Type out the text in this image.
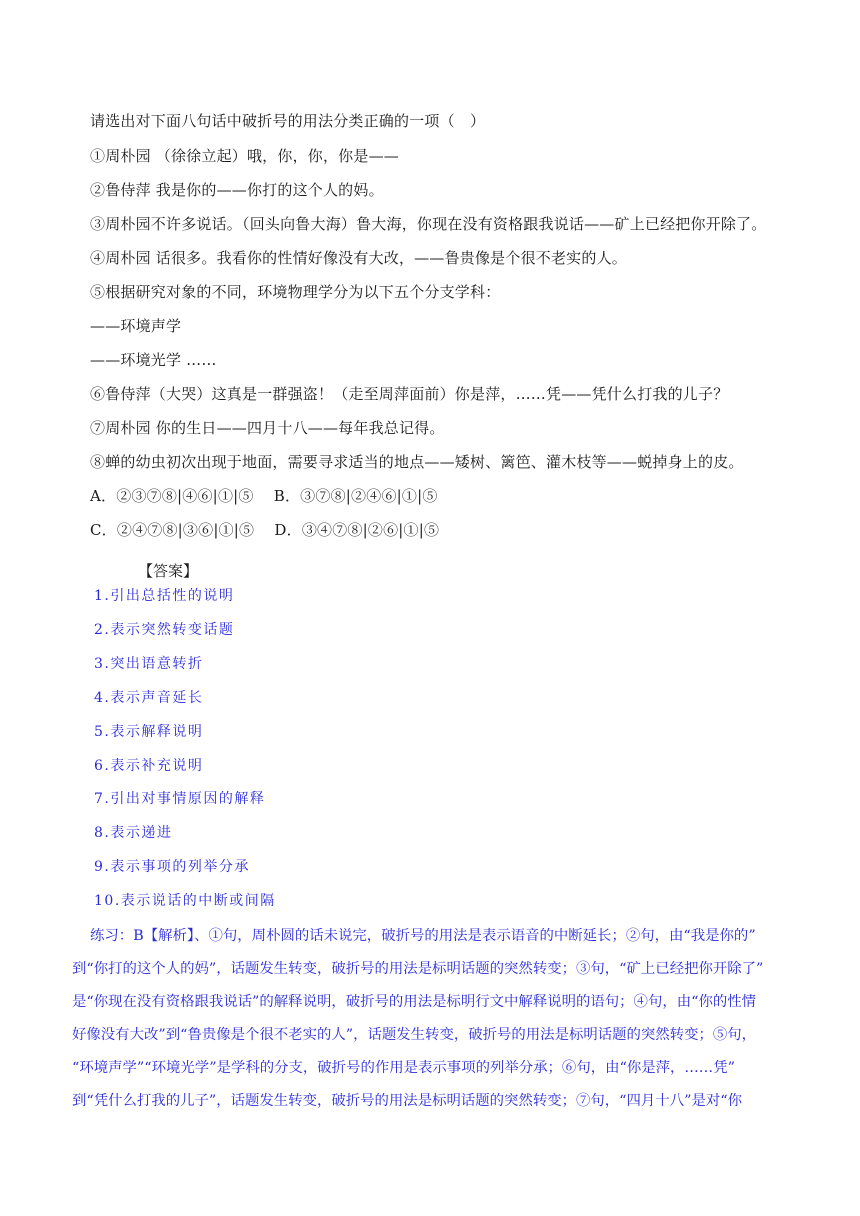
请选出对下面八句话中破折号的用法分类正确的一项（　）
①周朴园 （徐徐立起）哦，你，你，你是——
②鲁侍萍 我是你的——你打的这个人的妈。
③周朴园不许多说话。（回头向鲁大海）鲁大海，你现在没有资格跟我说话——矿上已经把你开除了。
④周朴园 话很多。我看你的性情好像没有大改，——鲁贵像是个很不老实的人。
⑤根据研究对象的不同，环境物理学分为以下五个分支学科：
——环境声学
——环境光学 ……
⑥鲁侍萍（大哭）这真是一群强盗！（走至周萍面前）你是萍，……凭——凭什么打我的儿子？
⑦周朴园 你的生日——四月十八——每年我总记得。
⑧蝉的幼虫初次出现于地面，需要寻求适当的地点——矮树、篱笆、灌木枝等——蜕掉身上的皮。
A．②③⑦⑧|④⑥|①|⑤　 B．③⑦⑧|②④⑥|①|⑤
C．②④⑦⑧|③⑥|①|⑤　 D．③④⑦⑧|②⑥|①|⑤
【答案】
1.引出总括性的说明
2.表示突然转变话题
3.突出语意转折
4.表示声音延长
5.表示解释说明
6.表示补充说明
7.引出对事情原因的解释
8.表示递进
9.表示事项的列举分承
10.表示说话的中断或间隔
练习：B【解析】、①句，周朴圆的话未说完，破折号的用法是表示语音的中断延长；②句，由“我是你的”
到“你打的这个人的妈”，话题发生转变，破折号的用法是标明话题的突然转变；③句，“矿上已经把你开除了”
是“你现在没有资格跟我说话”的解释说明，破折号的用法是标明行文中解释说明的语句；④句，由“你的性情
好像没有大改”到“鲁贵像是个很不老实的人”，话题发生转变，破折号的用法是标明话题的突然转变；⑤句，
“环境声学”“环境光学”是学科的分支，破折号的作用是表示事项的列举分承；⑥句，由“你是萍，……凭”
到“凭什么打我的儿子”，话题发生转变，破折号的用法是标明话题的突然转变；⑦句，“四月十八”是对“你
